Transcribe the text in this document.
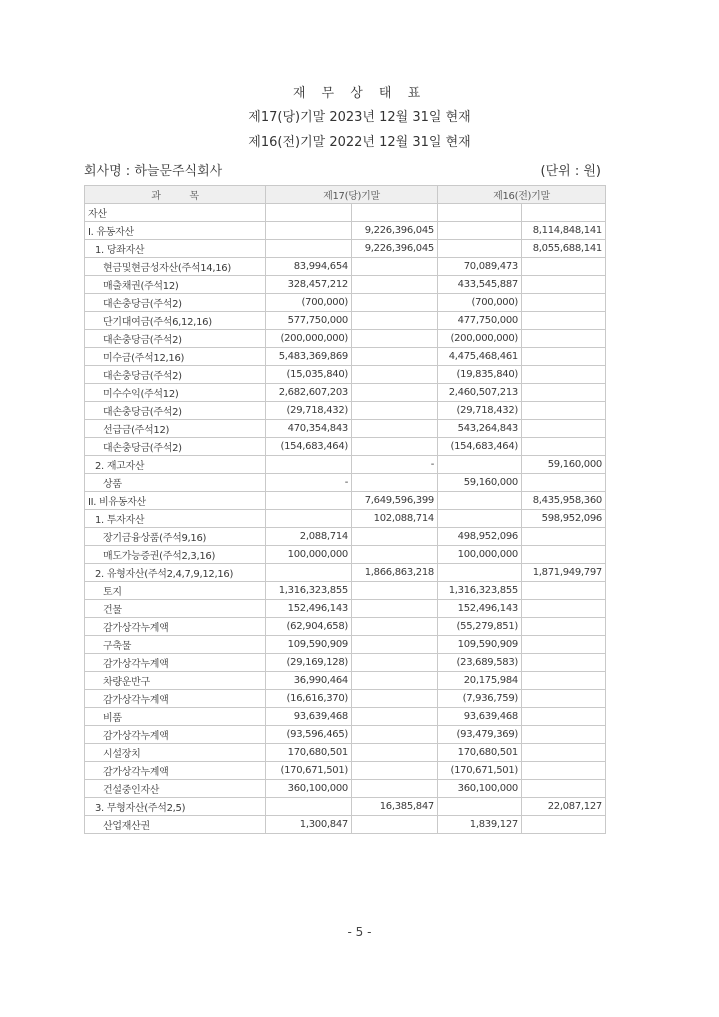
재 무 상 태 표
제17(당)기말 2023년 12월 31일 현재
제16(전)기말 2022년 12월 31일 현재
회사명 : 하늘문주식회사	(단위 : 원)
과          목	제17(당)기말		제16(전)기말	
자산				
I. 유동자산		9,226,396,045		8,114,848,141
1. 당좌자산		9,226,396,045		8,055,688,141
현금및현금성자산(주석14,16)	83,994,654		70,089,473	
매출채권(주석12)	328,457,212		433,545,887	
대손충당금(주석2)	(700,000)		(700,000)	
단기대여금(주석6,12,16)	577,750,000		477,750,000	
대손충당금(주석2)	(200,000,000)		(200,000,000)	
미수금(주석12,16)	5,483,369,869		4,475,468,461	
대손충당금(주석2)	(15,035,840)		(19,835,840)	
미수수익(주석12)	2,682,607,203		2,460,507,213	
대손충당금(주석2)	(29,718,432)		(29,718,432)	
선급금(주석12)	470,354,843		543,264,843	
대손충당금(주석2)	(154,683,464)		(154,683,464)	
2. 재고자산		-		59,160,000
상품	-		59,160,000	
II. 비유동자산		7,649,596,399		8,435,958,360
1. 투자자산		102,088,714		598,952,096
장기금융상품(주석9,16)	2,088,714		498,952,096	
매도가능증권(주석2,3,16)	100,000,000		100,000,000	
2. 유형자산(주석2,4,7,9,12,16)		1,866,863,218		1,871,949,797
토지	1,316,323,855		1,316,323,855	
건물	152,496,143		152,496,143	
감가상각누계액	(62,904,658)		(55,279,851)	
구축물	109,590,909		109,590,909	
감가상각누계액	(29,169,128)		(23,689,583)	
차량운반구	36,990,464		20,175,984	
감가상각누계액	(16,616,370)		(7,936,759)	
비품	93,639,468		93,639,468	
감가상각누계액	(93,596,465)		(93,479,369)	
시설장치	170,680,501		170,680,501	
감가상각누계액	(170,671,501)		(170,671,501)	
건설중인자산	360,100,000		360,100,000	
3. 무형자산(주석2,5)		16,385,847		22,087,127
산업재산권	1,300,847		1,839,127	
- 5 -
